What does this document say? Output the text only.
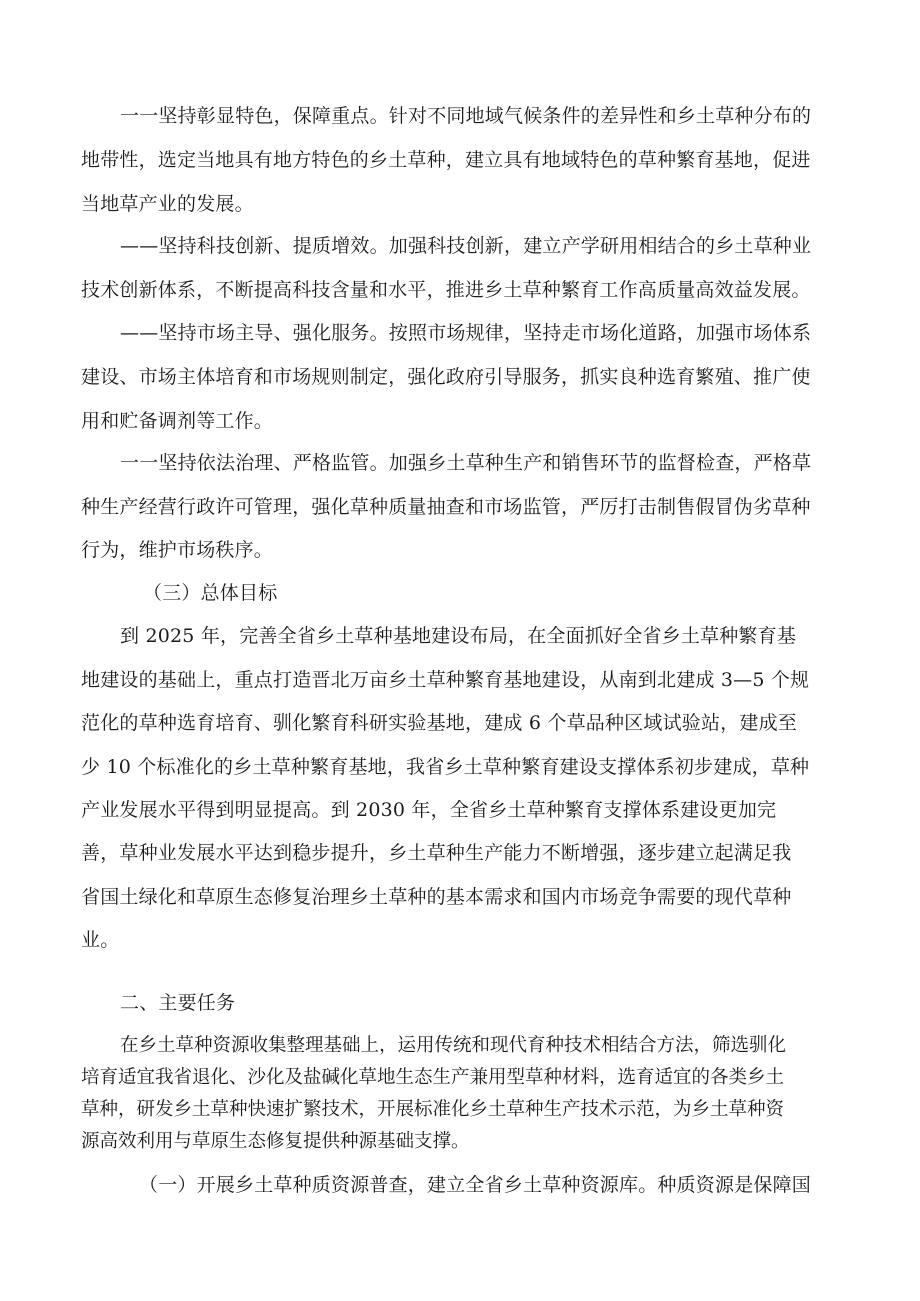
一一坚持彰显特色，保障重点。针对不同地域气候条件的差异性和乡土草种分布的
地带性，选定当地具有地方特色的乡土草种，建立具有地域特色的草种繁育基地，促进
当地草产业的发展。
——坚持科技创新、提质增效。加强科技创新，建立产学研用相结合的乡土草种业
技术创新体系，不断提高科技含量和水平，推进乡土草种繁育工作高质量高效益发展。
——坚持市场主导、强化服务。按照市场规律，坚持走市场化道路，加强市场体系
建设、市场主体培育和市场规则制定，强化政府引导服务，抓实良种选育繁殖、推广使
用和贮备调剂等工作。
一一坚持依法治理、严格监管。加强乡土草种生产和销售环节的监督检查，严格草
种生产经营行政许可管理，强化草种质量抽查和市场监管，严厉打击制售假冒伪劣草种
行为，维护市场秩序。
（三）总体目标
到 2025 年，完善全省乡土草种基地建设布局，在全面抓好全省乡土草种繁育基
地建设的基础上，重点打造晋北万亩乡土草种繁育基地建设，从南到北建成 3—5 个规
范化的草种选育培育、驯化繁育科研实验基地，建成 6 个草品种区域试验站，建成至
少 10 个标准化的乡土草种繁育基地，我省乡土草种繁育建设支撑体系初步建成，草种
产业发展水平得到明显提高。到 2030 年，全省乡土草种繁育支撑体系建设更加完
善，草种业发展水平达到稳步提升，乡土草种生产能力不断增强，逐步建立起满足我
省国土绿化和草原生态修复治理乡土草种的基本需求和国内市场竞争需要的现代草种
业。
二、主要任务
在乡土草种资源收集整理基础上，运用传统和现代育种技术相结合方法，筛选驯化
培育适宜我省退化、沙化及盐碱化草地生态生产兼用型草种材料，选育适宜的各类乡土
草种，研发乡土草种快速扩繁技术，开展标准化乡土草种生产技术示范，为乡土草种资
源高效利用与草原生态修复提供种源基础支撑。
（一）开展乡土草种质资源普查，建立全省乡土草种资源库。种质资源是保障国
